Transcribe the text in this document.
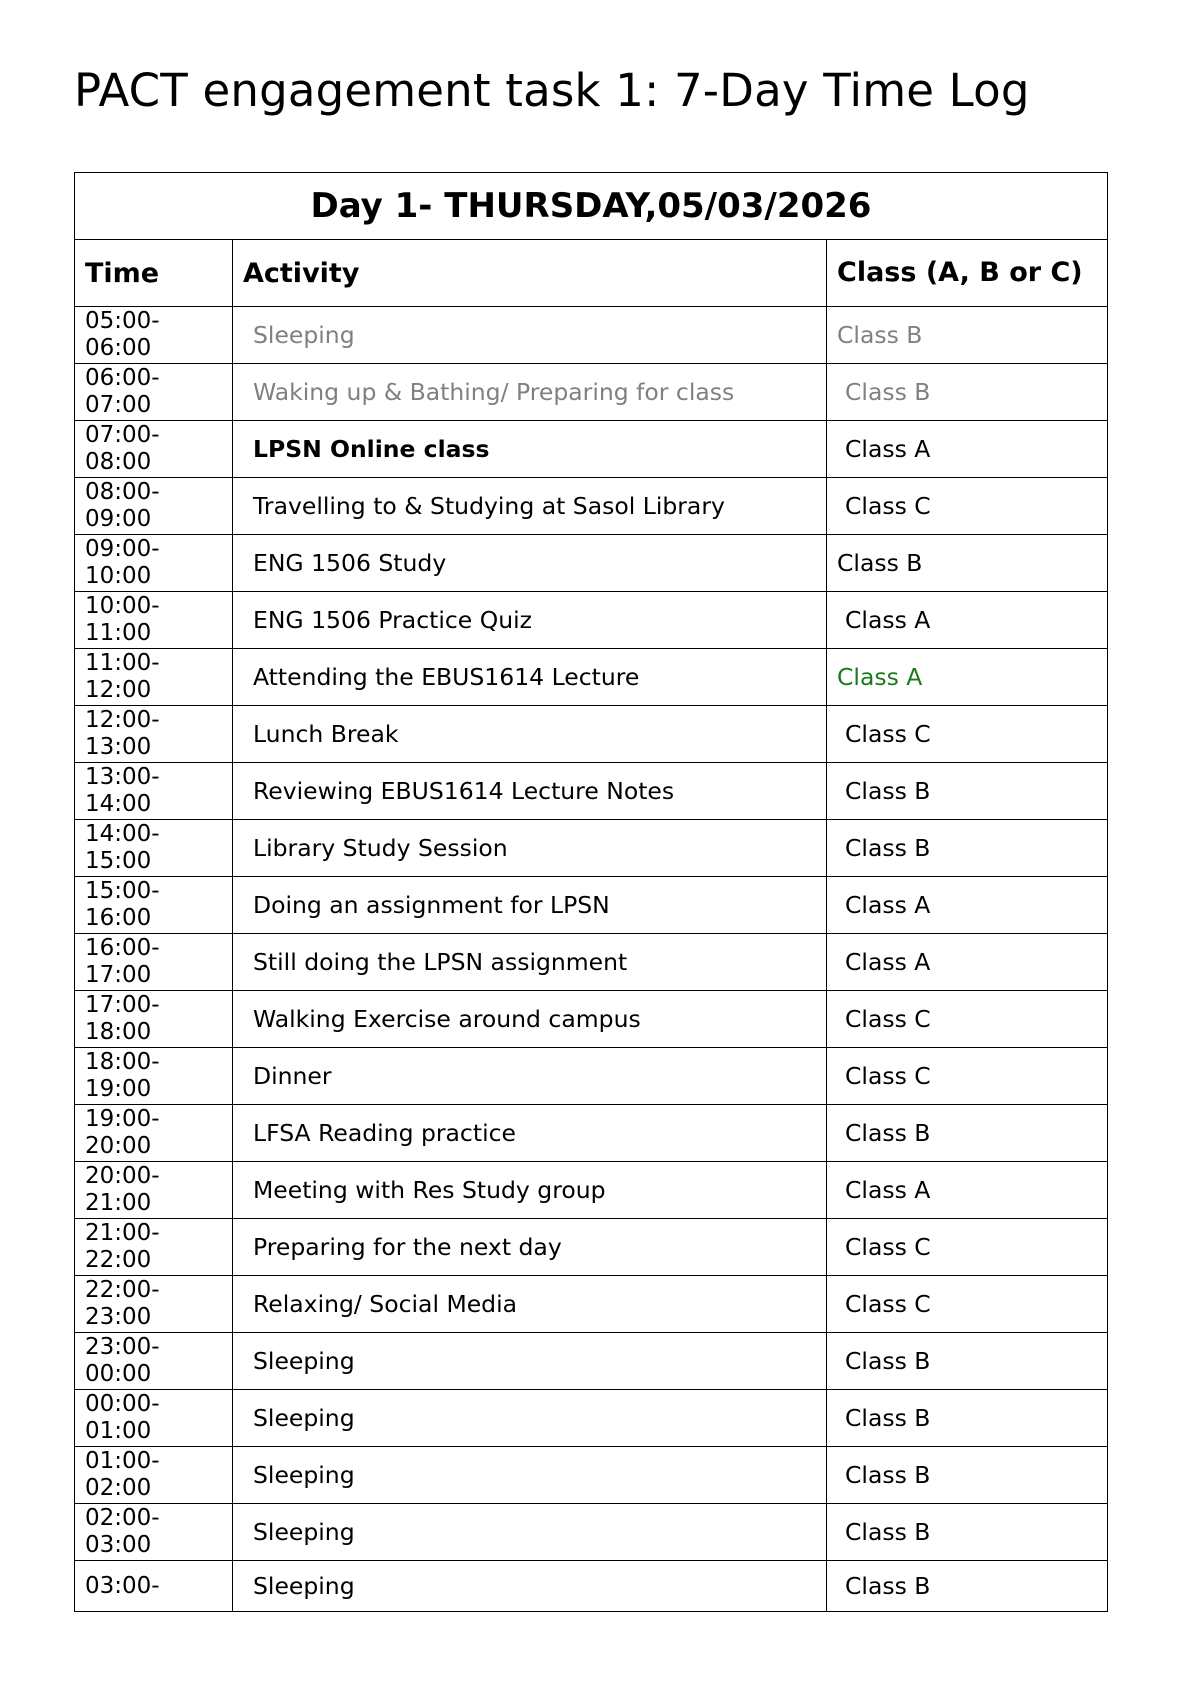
PACT engagement task 1: 7-Day Time Log
Day 1- THURSDAY,05/03/2026		
Time	Activity	Class (A, B or C)
05:00-
06:00	Sleeping	Class B
06:00-
07:00	Waking up & Bathing/ Preparing for class	Class B
07:00-
08:00	LPSN Online class	Class A
08:00-
09:00	Travelling to & Studying at Sasol Library	Class C
09:00-
10:00	ENG 1506 Study	Class B
10:00-
11:00	ENG 1506 Practice Quiz	Class A
11:00-
12:00	Attending the EBUS1614 Lecture	Class A
12:00-
13:00	Lunch Break	Class C
13:00-
14:00	Reviewing EBUS1614 Lecture Notes	Class B
14:00-
15:00	Library Study Session	Class B
15:00-
16:00	Doing an assignment for LPSN	Class A
16:00-
17:00	Still doing the LPSN assignment	Class A
17:00-
18:00	Walking Exercise around campus	Class C
18:00-
19:00	Dinner	Class C
19:00-
20:00	LFSA Reading practice	Class B
20:00-
21:00	Meeting with Res Study group	Class A
21:00-
22:00	Preparing for the next day	Class C
22:00-
23:00	Relaxing/ Social Media	Class C
23:00-
00:00	Sleeping	Class B
00:00-
01:00	Sleeping	Class B
01:00-
02:00	Sleeping	Class B
02:00-
03:00	Sleeping	Class B
03:00-	Sleeping	Class B
